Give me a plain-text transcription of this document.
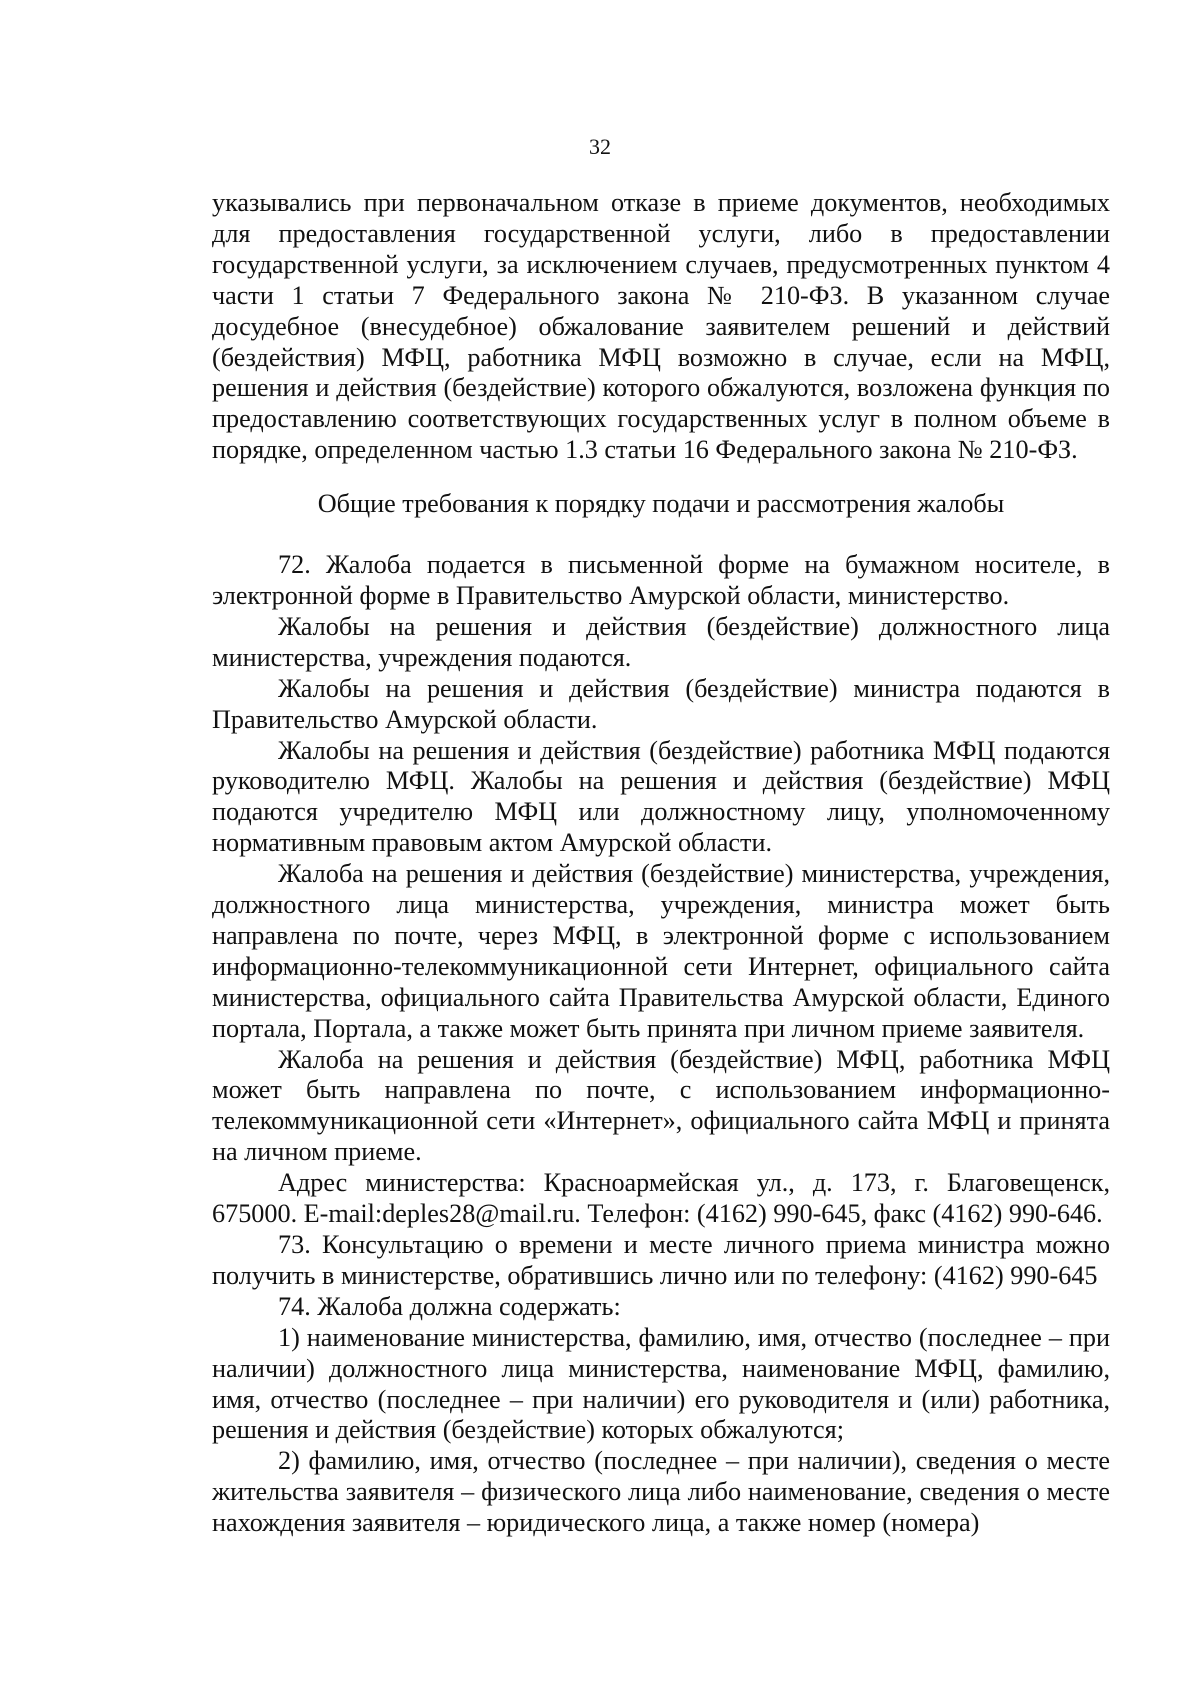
32

указывались при первоначальном отказе в приеме документов, необходимых для предоставления государственной услуги, либо в предоставлении государственной услуги, за исключением случаев, предусмотренных пунктом 4 части 1 статьи 7 Федерального закона № 210-ФЗ. В указанном случае досудебное (внесудебное) обжалование заявителем решений и действий (бездействия) МФЦ, работника МФЦ возможно в случае, если на МФЦ, решения и действия (бездействие) которого обжалуются, возложена функция по предоставлению соответствующих государственных услуг в полном объеме в порядке, определенном частью 1.3 статьи 16 Федерального закона № 210-ФЗ.

Общие требования к порядку подачи и рассмотрения жалобы

72. Жалоба подается в письменной форме на бумажном носителе, в электронной форме в Правительство Амурской области, министерство.

Жалобы на решения и действия (бездействие) должностного лица министерства, учреждения подаются.

Жалобы на решения и действия (бездействие) министра подаются в Правительство Амурской области.

Жалобы на решения и действия (бездействие) работника МФЦ подаются руководителю МФЦ. Жалобы на решения и действия (бездействие) МФЦ подаются учредителю МФЦ или должностному лицу, уполномоченному нормативным правовым актом Амурской области.

Жалоба на решения и действия (бездействие) министерства, учреждения, должностного лица министерства, учреждения, министра может быть направлена по почте, через МФЦ, в электронной форме с использованием информационно-телекоммуникационной сети Интернет, официального сайта министерства, официального сайта Правительства Амурской области, Единого портала, Портала, а также может быть принята при личном приеме заявителя.

Жалоба на решения и действия (бездействие) МФЦ, работника МФЦ может быть направлена по почте, с использованием информационно-телекоммуникационной сети «Интернет», официального сайта МФЦ и принята на личном приеме.

Адрес министерства: Красноармейская ул., д. 173, г. Благовещенск, 675000. E-mail:deples28@mail.ru. Телефон: (4162) 990-645, факс (4162) 990-646.

73. Консультацию о времени и месте личного приема министра можно получить в министерстве, обратившись лично или по телефону: (4162) 990-645

74. Жалоба должна содержать:

1) наименование министерства, фамилию, имя, отчество (последнее – при наличии) должностного лица министерства, наименование МФЦ, фамилию, имя, отчество (последнее – при наличии) его руководителя и (или) работника, решения и действия (бездействие) которых обжалуются;

2) фамилию, имя, отчество (последнее – при наличии), сведения о месте жительства заявителя – физического лица либо наименование, сведения о месте нахождения заявителя – юридического лица, а также номер (номера)
